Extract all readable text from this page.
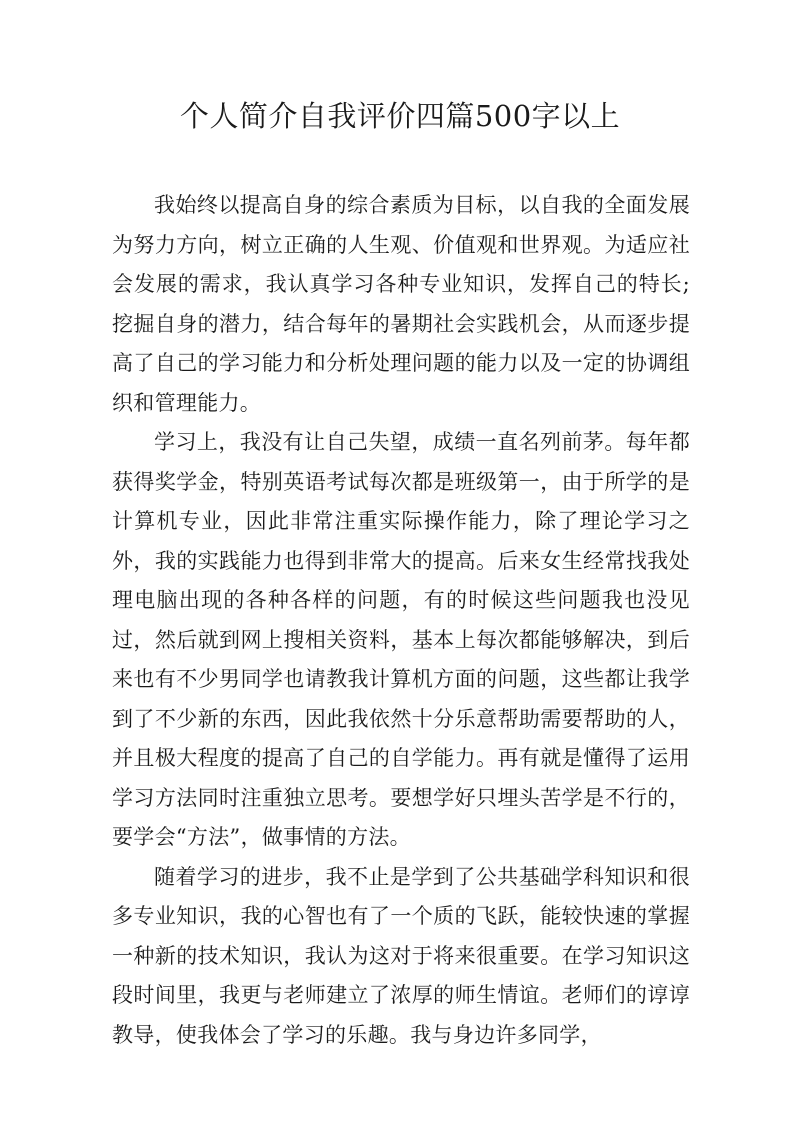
个人简介自我评价四篇500字以上

我始终以提高自身的综合素质为目标，以自我的全面发展为努力方向，树立正确的人生观、价值观和世界观。为适应社会发展的需求，我认真学习各种专业知识，发挥自己的特长;挖掘自身的潜力，结合每年的暑期社会实践机会，从而逐步提高了自己的学习能力和分析处理问题的能力以及一定的协调组织和管理能力。

学习上，我没有让自己失望，成绩一直名列前茅。每年都获得奖学金，特别英语考试每次都是班级第一，由于所学的是计算机专业，因此非常注重实际操作能力，除了理论学习之外，我的实践能力也得到非常大的提高。后来女生经常找我处理电脑出现的各种各样的问题，有的时候这些问题我也没见过，然后就到网上搜相关资料，基本上每次都能够解决，到后来也有不少男同学也请教我计算机方面的问题，这些都让我学到了不少新的东西，因此我依然十分乐意帮助需要帮助的人，并且极大程度的提高了自己的自学能力。再有就是懂得了运用学习方法同时注重独立思考。要想学好只埋头苦学是不行的，要学会“方法”，做事情的方法。

随着学习的进步，我不止是学到了公共基础学科知识和很多专业知识，我的心智也有了一个质的飞跃，能较快速的掌握一种新的技术知识，我认为这对于将来很重要。在学习知识这段时间里，我更与老师建立了浓厚的师生情谊。老师们的谆谆教导，使我体会了学习的乐趣。我与身边许多同学，
